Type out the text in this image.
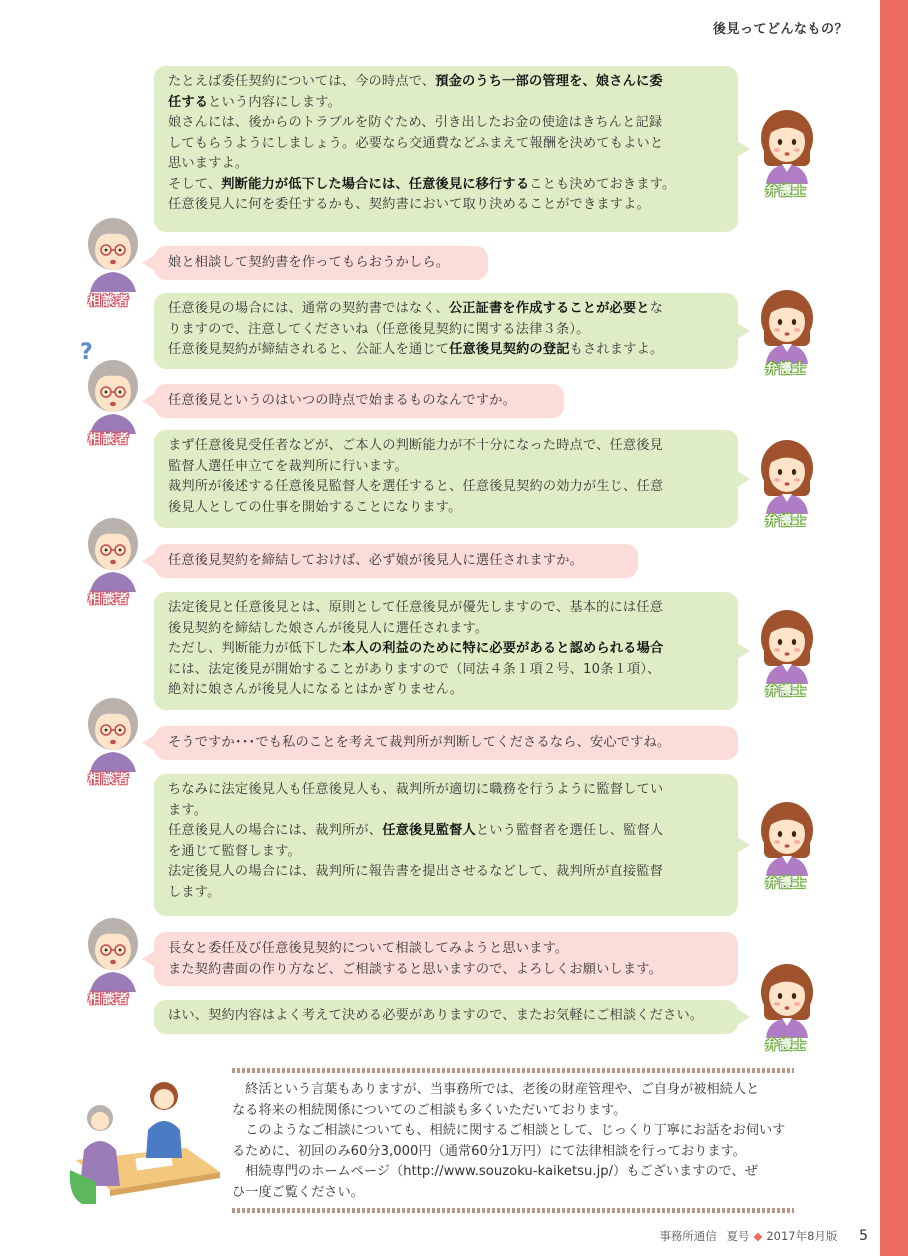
後見ってどんなもの？
たとえば委任契約については、今の時点で、預金のうち一部の管理を、娘さんに委
任するという内容にします。
娘さんには、後からのトラブルを防ぐため、引き出したお金の使途はきちんと記録
してもらうようにしましょう。必要なら交通費などふまえて報酬を決めてもよいと
思いますよ。
そして、判断能力が低下した場合には、任意後見に移行することも決めておきます。
任意後見人に何を委任するかも、契約書において取り決めることができますよ。
弁護士
相談者
娘と相談して契約書を作ってもらおうかしら。
任意後見の場合には、通常の契約書ではなく、公正証書を作成することが必要とな
りますので、注意してくださいね（任意後見契約に関する法律３条）。
任意後見契約が締結されると、公証人を通じて任意後見契約の登記もされますよ。
弁護士
?
相談者
任意後見というのはいつの時点で始まるものなんですか。
まず任意後見受任者などが、ご本人の判断能力が不十分になった時点で、任意後見
監督人選任申立てを裁判所に行います。
裁判所が後述する任意後見監督人を選任すると、任意後見契約の効力が生じ、任意
後見人としての仕事を開始することになります。
弁護士
相談者
任意後見契約を締結しておけば、必ず娘が後見人に選任されますか。
法定後見と任意後見とは、原則として任意後見が優先しますので、基本的には任意
後見契約を締結した娘さんが後見人に選任されます。
ただし、判断能力が低下した本人の利益のために特に必要があると認められる場合
には、法定後見が開始することがありますので（同法４条１項２号、10条１項）、
絶対に娘さんが後見人になるとはかぎりません。	弁護士
相談者
そうですか･･･でも私のことを考えて裁判所が判断してくださるなら、安心ですね。
ちなみに法定後見人も任意後見人も、裁判所が適切に職務を行うように監督してい
ます。
任意後見人の場合には、裁判所が、任意後見監督人という監督者を選任し、監督人
を通じて監督します。
法定後見人の場合には、裁判所に報告書を提出させるなどして、裁判所が直接監督
します。
弁護士
相談者
長女と委任及び任意後見契約について相談してみようと思います。
また契約書面の作り方など、ご相談すると思いますので、よろしくお願いします。
はい、契約内容はよく考えて決める必要がありますので、またお気軽にご相談ください。
弁護士
　終活という言葉もありますが、当事務所では、老後の財産管理や、ご自身が被相続人と
なる将来の相続関係についてのご相談も多くいただいております。
　このようなご相談についても、相続に関するご相談として、じっくり丁寧にお話をお伺いす
るために、初回のみ60分3,000円（通常60分1万円）にて法律相談を行っております。
　相続専門のホームページ（http://www.souzoku-kaiketsu.jp/）もございますので、ぜ
ひ一度ご覧ください。
事務所通信 夏号 ◆ 2017年8月版 5
